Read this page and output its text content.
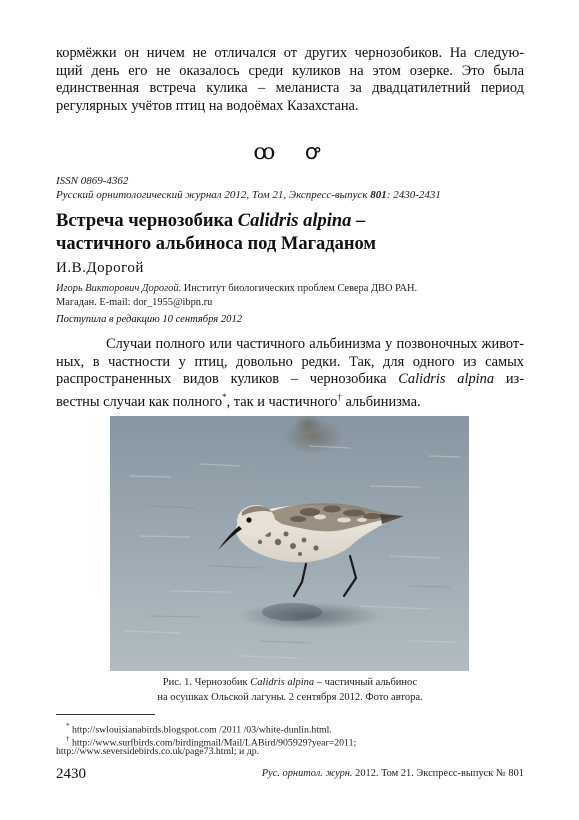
кормёжки он ничем не отличался от других чернозобиков. На следую-
щий день его не оказалось среди куликов на этом озерке. Это была
единственная встреча кулика – меланиста за двадцатилетний период
регулярных учётов птиц на водоёмах Казахстана.
ꝏ ꝍ
ISSN 0869-4362
Русский орнитологический журнал 2012, Том 21, Экспресс-выпуск 801: 2430-2431
Встреча чернозобика Calidris alpina –
частичного альбиноса под Магаданом
И.В.Дорогой
Игорь Викторович Дорогой. Институт биологических проблем Севера ДВО РАН.
Магадан. E-mail: dor_1955@ibpn.ru
Поступила в редакцию 10 сентября 2012
Случаи полного или частичного альбинизма у позвоночных живот-
ных, в частности у птиц, довольно редки. Так, для одного из самых
распространенных видов куликов – чернозобика Calidris alpina из-
вестны случаи как полного*, так и частичного† альбинизма.
Рис. 1. Чернозобик Calidris alpina – частичный альбинос
на осушках Ольской лагуны. 2 сентября 2012. Фото автора.
* http://swlouisianabirds.blogspot.com /2011 /03/white-dunlin.html.
† http://www.surfbirds.com/birdingmail/Mail/LABird/905929?year=2011;
http://www.seversidebirds.co.uk/page73.html; и др.
2430	Рус. орнитол. журн. 2012. Том 21. Экспресс-выпуск № 801
